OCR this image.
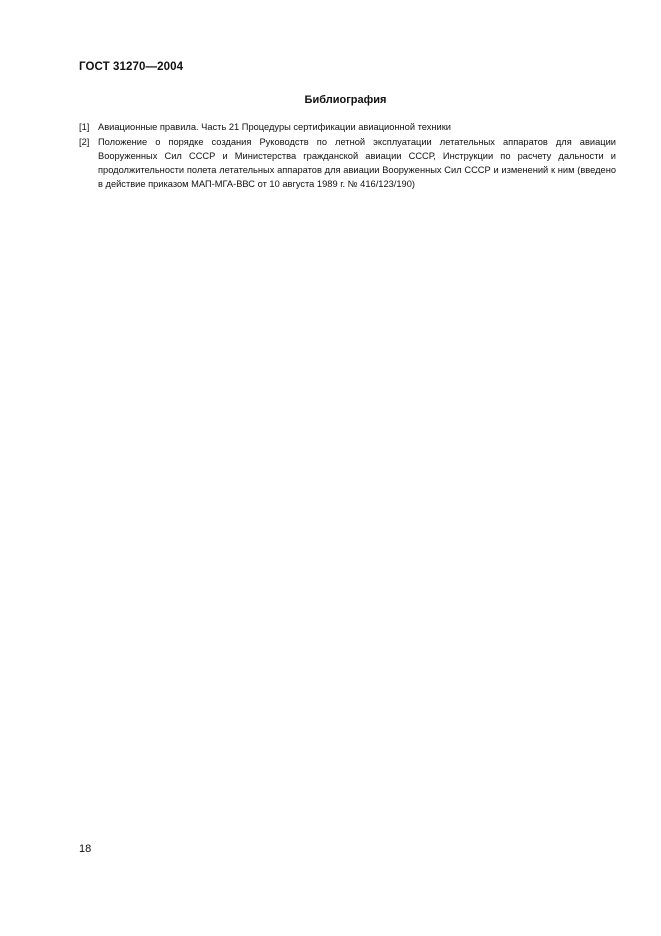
ГОСТ 31270—2004
Библиография
[1] Авиационные правила. Часть 21 Процедуры сертификации авиационной техники
[2] Положение о порядке создания Руководств по летной эксплуатации летательных аппаратов для авиации Вооруженных Сил СССР и Министерства гражданской авиации СССР, Инструкции по расчету дальности и продолжительности полета летательных аппаратов для авиации Вооруженных Сил СССР и изменений к ним (введено в действие приказом МАП-МГА-ВВС от 10 августа 1989 г. № 416/123/190)
18
